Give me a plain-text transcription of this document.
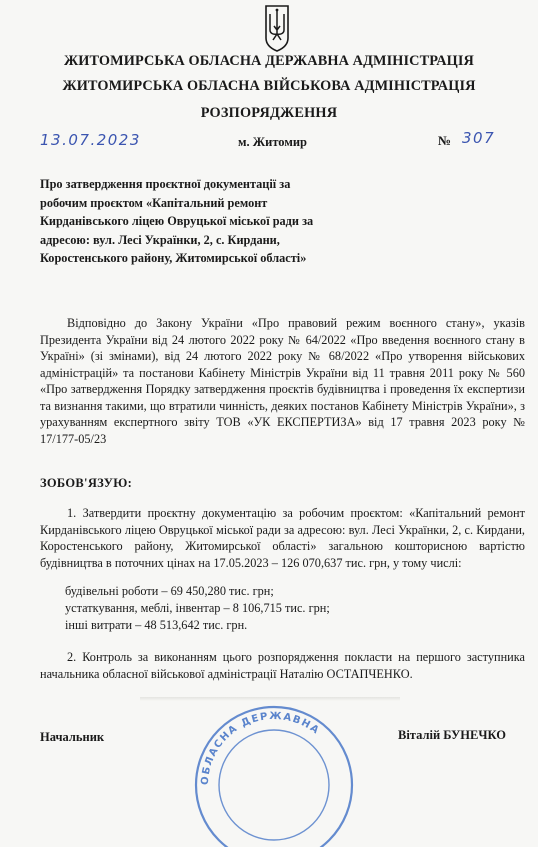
ЖИТОМИРСЬКА ОБЛАСНА ДЕРЖАВНА АДМІНІСТРАЦІЯ
ЖИТОМИРСЬКА ОБЛАСНА ВІЙСЬКОВА АДМІНІСТРАЦІЯ
РОЗПОРЯДЖЕННЯ
13.07.2023	м. Житомир	№ 307
Про затвердження проєктної документації за робочим проєктом «Капітальний ремонт Кирданівського ліцею Овруцької міської ради за адресою: вул. Лесі Українки, 2, с. Кирдани, Коростенського району, Житомирської області»
Відповідно до Закону України «Про правовий режим воєнного стану», указів Президента України від 24 лютого 2022 року № 64/2022 «Про введення воєнного стану в Україні» (зі змінами), від 24 лютого 2022 року № 68/2022 «Про утворення військових адміністрацій» та постанови Кабінету Міністрів України від 11 травня 2011 року № 560 «Про затвердження Порядку затвердження проєктів будівництва і проведення їх експертизи та визнання такими, що втратили чинність, деяких постанов Кабінету Міністрів України», з урахуванням експертного звіту ТОВ «УК ЕКСПЕРТИЗА» від 17 травня 2023 року № 17/177-05/23
ЗОБОВ'ЯЗУЮ:
1. Затвердити проєктну документацію за робочим проєктом: «Капітальний ремонт Кирданівського ліцею Овруцької міської ради за адресою: вул. Лесі Українки, 2, с. Кирдани, Коростенського району, Житомирської області» загальною кошторисною вартістю будівництва в поточних цінах на 17.05.2023 – 126 070,637 тис. грн, у тому числі:
будівельні роботи – 69 450,280 тис. грн;
устаткування, меблі, інвентар – 8 106,715 тис. грн;
інші витрати – 48 513,642 тис. грн.
2. Контроль за виконанням цього розпорядження покласти на першого заступника начальника обласної військової адміністрації Наталію ОСТАПЧЕНКО.
ОБЛАСНА ДЕРЖАВНА
Начальник	Віталій БУНЕЧКО
